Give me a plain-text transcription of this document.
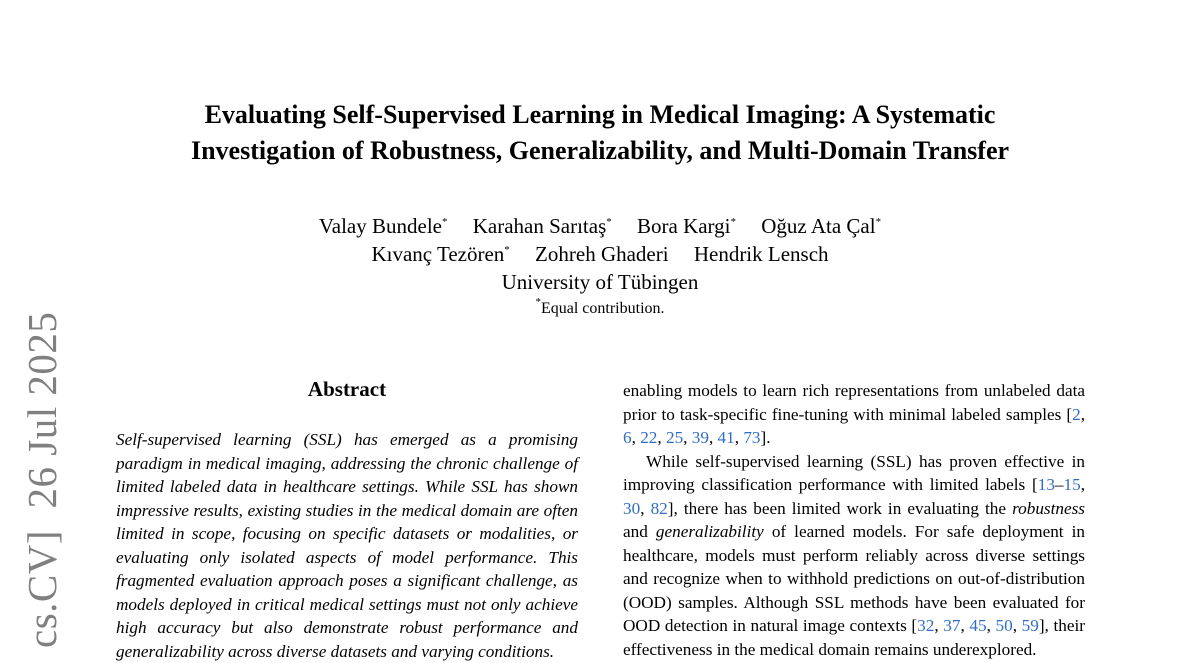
cs.CV]  26 Jul 2025
Evaluating Self-Supervised Learning in Medical Imaging: A Systematic
Investigation of Robustness, Generalizability, and Multi-Domain Transfer
Valay Bundele* Karahan Sarıtaş* Bora Kargi* Oğuz Ata Çal*
Kıvanç Tezören* Zohreh Ghaderi Hendrik Lensch
University of Tübingen
*Equal contribution.
Abstract

Self-supervised learning (SSL) has emerged as a promising paradigm in medical imaging, addressing the chronic challenge of limited labeled data in healthcare settings. While SSL has shown impressive results, existing studies in the medical domain are often limited in scope, focusing on specific datasets or modalities, or evaluating only isolated aspects of model performance. This fragmented evaluation approach poses a significant challenge, as models deployed in critical medical settings must not only achieve high accuracy but also demonstrate robust performance and generalizability across diverse datasets and varying conditions.

enabling models to learn rich representations from unlabeled data prior to task-specific fine-tuning with minimal labeled samples [2, 6, 22, 25, 39, 41, 73].

While self-supervised learning (SSL) has proven effective in improving classification performance with limited labels [13–15, 30, 82], there has been limited work in evaluating the robustness and generalizability of learned models. For safe deployment in healthcare, models must perform reliably across diverse settings and recognize when to withhold predictions on out-of-distribution (OOD) samples. Although SSL methods have been evaluated for OOD detection in natural image contexts [32, 37, 45, 50, 59], their effectiveness in the medical domain remains underexplored.
